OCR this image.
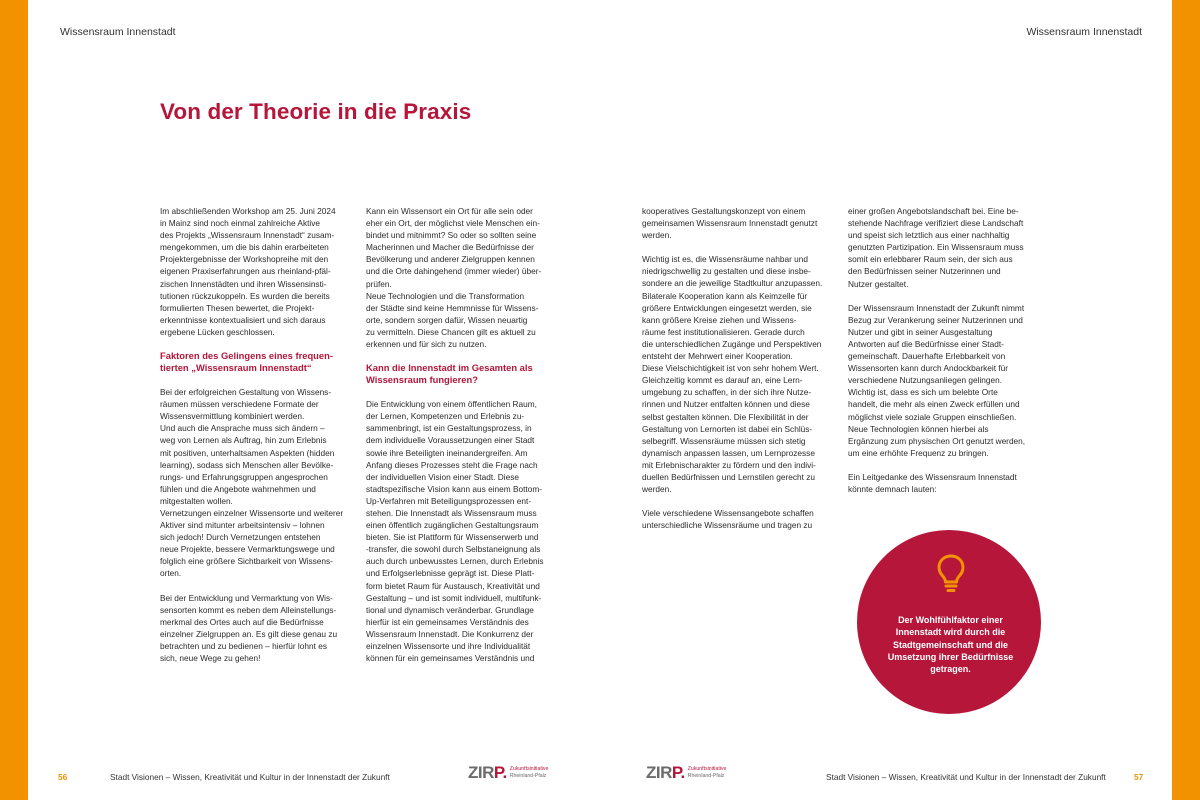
Wissensraum Innenstadt	Wissensraum Innenstadt
Von der Theorie in die Praxis

Im abschließenden Workshop am 25. Juni 2024
in Mainz sind noch einmal zahlreiche Aktive
des Projekts „Wissensraum Innenstadt“ zusam-
mengekommen, um die bis dahin erarbeiteten
Projektergebnisse der Workshopreihe mit den
eigenen Praxiserfahrungen aus rheinland-pfäl-
zischen Innenstädten und ihren Wissensinsti-
tutionen rückzukoppeln. Es wurden die bereits
formulierten Thesen bewertet, die Projekt-
erkenntnisse kontextualisiert und sich daraus
ergebene Lücken geschlossen.

Faktoren des Gelingens eines frequen-
tierten „Wissensraum Innenstadt“

Bei der erfolgreichen Gestaltung von Wissens-
räumen müssen verschiedene Formate der
Wissensvermittlung kombiniert werden.
Und auch die Ansprache muss sich ändern –
weg von Lernen als Auftrag, hin zum Erlebnis
mit positiven, unterhaltsamen Aspekten (hidden
learning), sodass sich Menschen aller Bevölke-
rungs- und Erfahrungsgruppen angesprochen
fühlen und die Angebote wahrnehmen und
mitgestalten wollen.
Vernetzungen einzelner Wissensorte und weiterer
Aktiver sind mitunter arbeitsintensiv – lohnen
sich jedoch! Durch Vernetzungen entstehen
neue Projekte, bessere Vermarktungswege und
folglich eine größere Sichtbarkeit von Wissens-
orten.

Bei der Entwicklung und Vermarktung von Wis-
sensorten kommt es neben dem Alleinstellungs-
merkmal des Ortes auch auf die Bedürfnisse
einzelner Zielgruppen an. Es gilt diese genau zu
betrachten und zu bedienen – hierfür lohnt es
sich, neue Wege zu gehen!

Kann ein Wissensort ein Ort für alle sein oder
eher ein Ort, der möglichst viele Menschen ein-
bindet und mitnimmt? So oder so sollten seine
Macherinnen und Macher die Bedürfnisse der
Bevölkerung und anderer Zielgruppen kennen
und die Orte dahingehend (immer wieder) über-
prüfen.
Neue Technologien und die Transformation
der Städte sind keine Hemmnisse für Wissens-
orte, sondern sorgen dafür, Wissen neuartig
zu vermitteln. Diese Chancen gilt es aktuell zu
erkennen und für sich zu nutzen.

Kann die Innenstadt im Gesamten als
Wissensraum fungieren?

Die Entwicklung von einem öffentlichen Raum,
der Lernen, Kompetenzen und Erlebnis zu-
sammenbringt, ist ein Gestaltungsprozess, in
dem individuelle Voraussetzungen einer Stadt
sowie ihre Beteiligten ineinandergreifen. Am
Anfang dieses Prozesses steht die Frage nach
der individuellen Vision einer Stadt. Diese
stadtspezifische Vision kann aus einem Bottom-
Up-Verfahren mit Beteiligungsprozessen ent-
stehen. Die Innenstadt als Wissensraum muss
einen öffentlich zugänglichen Gestaltungsraum
bieten. Sie ist Plattform für Wissenserwerb und
-transfer, die sowohl durch Selbstaneignung als
auch durch unbewusstes Lernen, durch Erlebnis
und Erfolgserlebnisse geprägt ist. Diese Platt-
form bietet Raum für Austausch, Kreativität und
Gestaltung – und ist somit individuell, multifunk-
tional und dynamisch veränderbar. Grundlage
hierfür ist ein gemeinsames Verständnis des
Wissensraum Innenstadt. Die Konkurrenz der
einzelnen Wissensorte und ihre Individualität
können für ein gemeinsames Verständnis und

kooperatives Gestaltungskonzept von einem
gemeinsamen Wissensraum Innenstadt genutzt
werden.

Wichtig ist es, die Wissensräume nahbar und
niedrigschwellig zu gestalten und diese insbe-
sondere an die jeweilige Stadtkultur anzupassen.
Bilaterale Kooperation kann als Keimzelle für
größere Entwicklungen eingesetzt werden, sie
kann größere Kreise ziehen und Wissens-
räume fest institutionalisieren. Gerade durch
die unterschiedlichen Zugänge und Perspektiven
entsteht der Mehrwert einer Kooperation.
Diese Vielschichtigkeit ist von sehr hohem Wert.
Gleichzeitig kommt es darauf an, eine Lern-
umgebung zu schaffen, in der sich ihre Nutze-
rinnen und Nutzer entfalten können und diese
selbst gestalten können. Die Flexibilität in der
Gestaltung von Lernorten ist dabei ein Schlüs-
selbegriff. Wissensräume müssen sich stetig
dynamisch anpassen lassen, um Lernprozesse
mit Erlebnischarakter zu fördern und den indivi-
duellen Bedürfnissen und Lernstilen gerecht zu
werden.

Viele verschiedene Wissensangebote schaffen
unterschiedliche Wissensräume und tragen zu

einer großen Angebotslandschaft bei. Eine be-
stehende Nachfrage verifiziert diese Landschaft
und speist sich letztlich aus einer nachhaltig
genutzten Partizipation. Ein Wissensraum muss
somit ein erlebbarer Raum sein, der sich aus
den Bedürfnissen seiner Nutzerinnen und
Nutzer gestaltet.

Der Wissensraum Innenstadt der Zukunft nimmt
Bezug zur Verankerung seiner Nutzerinnen und
Nutzer und gibt in seiner Ausgestaltung
Antworten auf die Bedürfnisse einer Stadt-
gemeinschaft. Dauerhafte Erlebbarkeit von
Wissensorten kann durch Andockbarkeit für
verschiedene Nutzungsanliegen gelingen.
Wichtig ist, dass es sich um belebte Orte
handelt, die mehr als einen Zweck erfüllen und
möglichst viele soziale Gruppen einschließen.
Neue Technologien können hierbei als
Ergänzung zum physischen Ort genutzt werden,
um eine erhöhte Frequenz zu bringen.

Ein Leitgedanke des Wissensraum Innenstadt
könnte demnach lauten:

Der Wohlfühlfaktor einer
Innenstadt wird durch die
Stadtgemeinschaft und die
Umsetzung ihrer Bedürfnisse
getragen.
56	Stadt Visionen – Wissen, Kreativität und Kultur in der Innenstadt der Zukunft	ZIRP. Zukunftsinitiative
Rheinland-Pfalz	ZIRP. Zukunftsinitiative
Rheinland-Pfalz	Stadt Visionen – Wissen, Kreativität und Kultur in der Innenstadt der Zukunft	57
